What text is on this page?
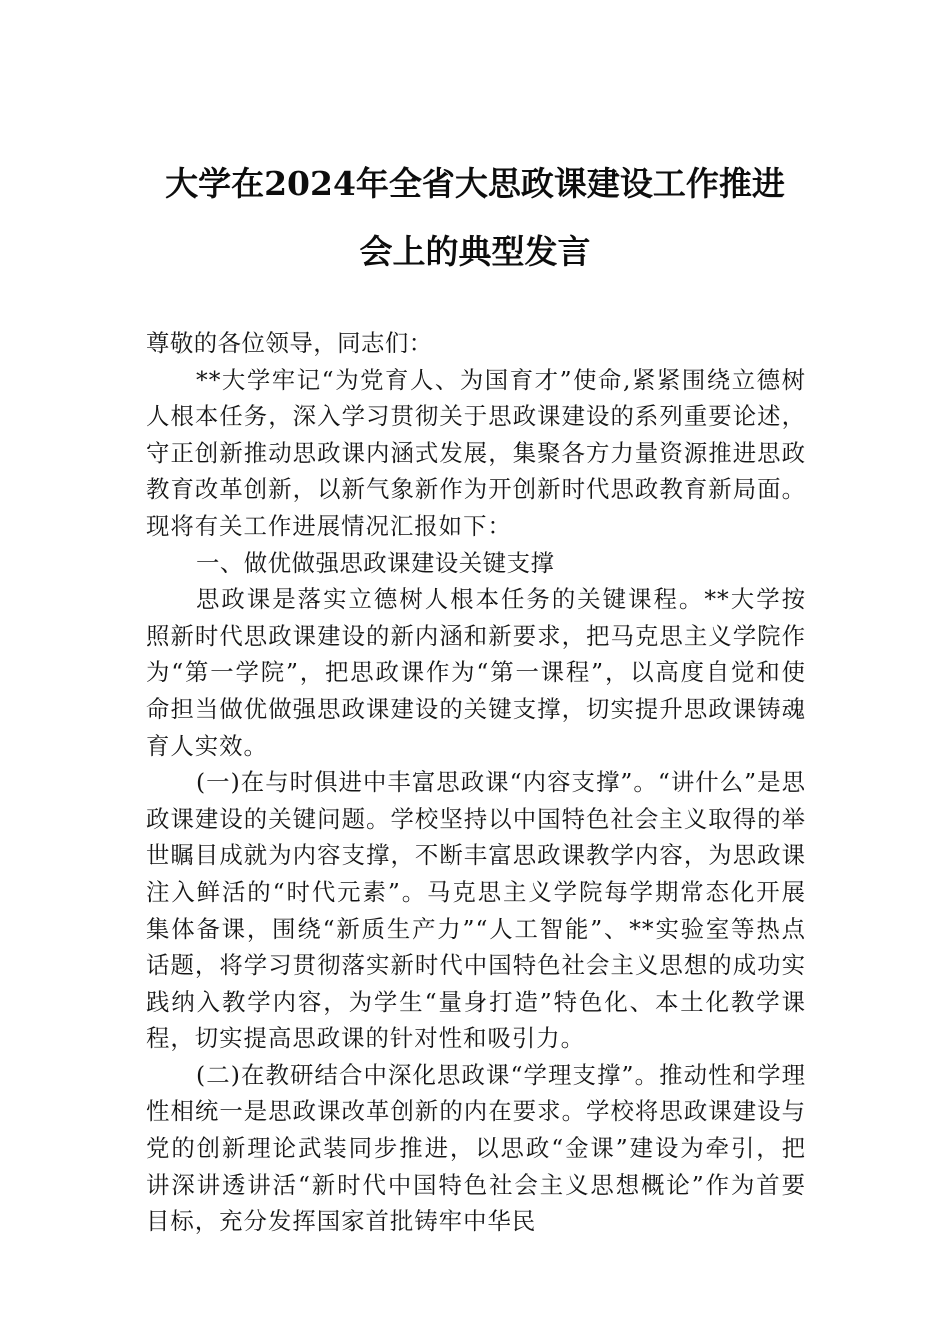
大学在2024年全省大思政课建设工作推进
会上的典型发言

尊敬的各位领导，同志们：

**大学牢记“为党育人、为国育才”使命,紧紧围绕立德树人根本任务，深入学习贯彻关于思政课建设的系列重要论述，守正创新推动思政课内涵式发展，集聚各方力量资源推进思政教育改革创新，以新气象新作为开创新时代思政教育新局面。现将有关工作进展情况汇报如下：

一、做优做强思政课建设关键支撑

思政课是落实立德树人根本任务的关键课程。**大学按照新时代思政课建设的新内涵和新要求，把马克思主义学院作为“第一学院”，把思政课作为“第一课程”，以高度自觉和使命担当做优做强思政课建设的关键支撑，切实提升思政课铸魂育人实效。

(一)在与时俱进中丰富思政课“内容支撑”。“讲什么”是思政课建设的关键问题。学校坚持以中国特色社会主义取得的举世瞩目成就为内容支撑，不断丰富思政课教学内容，为思政课注入鲜活的“时代元素”。马克思主义学院每学期常态化开展集体备课，围绕“新质生产力”“人工智能”、**实验室等热点话题，将学习贯彻落实新时代中国特色社会主义思想的成功实践纳入教学内容，为学生“量身打造”特色化、本土化教学课程，切实提高思政课的针对性和吸引力。

(二)在教研结合中深化思政课“学理支撑”。推动性和学理性相统一是思政课改革创新的内在要求。学校将思政课建设与党的创新理论武装同步推进，以思政“金课”建设为牵引，把讲深讲透讲活“新时代中国特色社会主义思想概论”作为首要目标，充分发挥国家首批铸牢中华民
